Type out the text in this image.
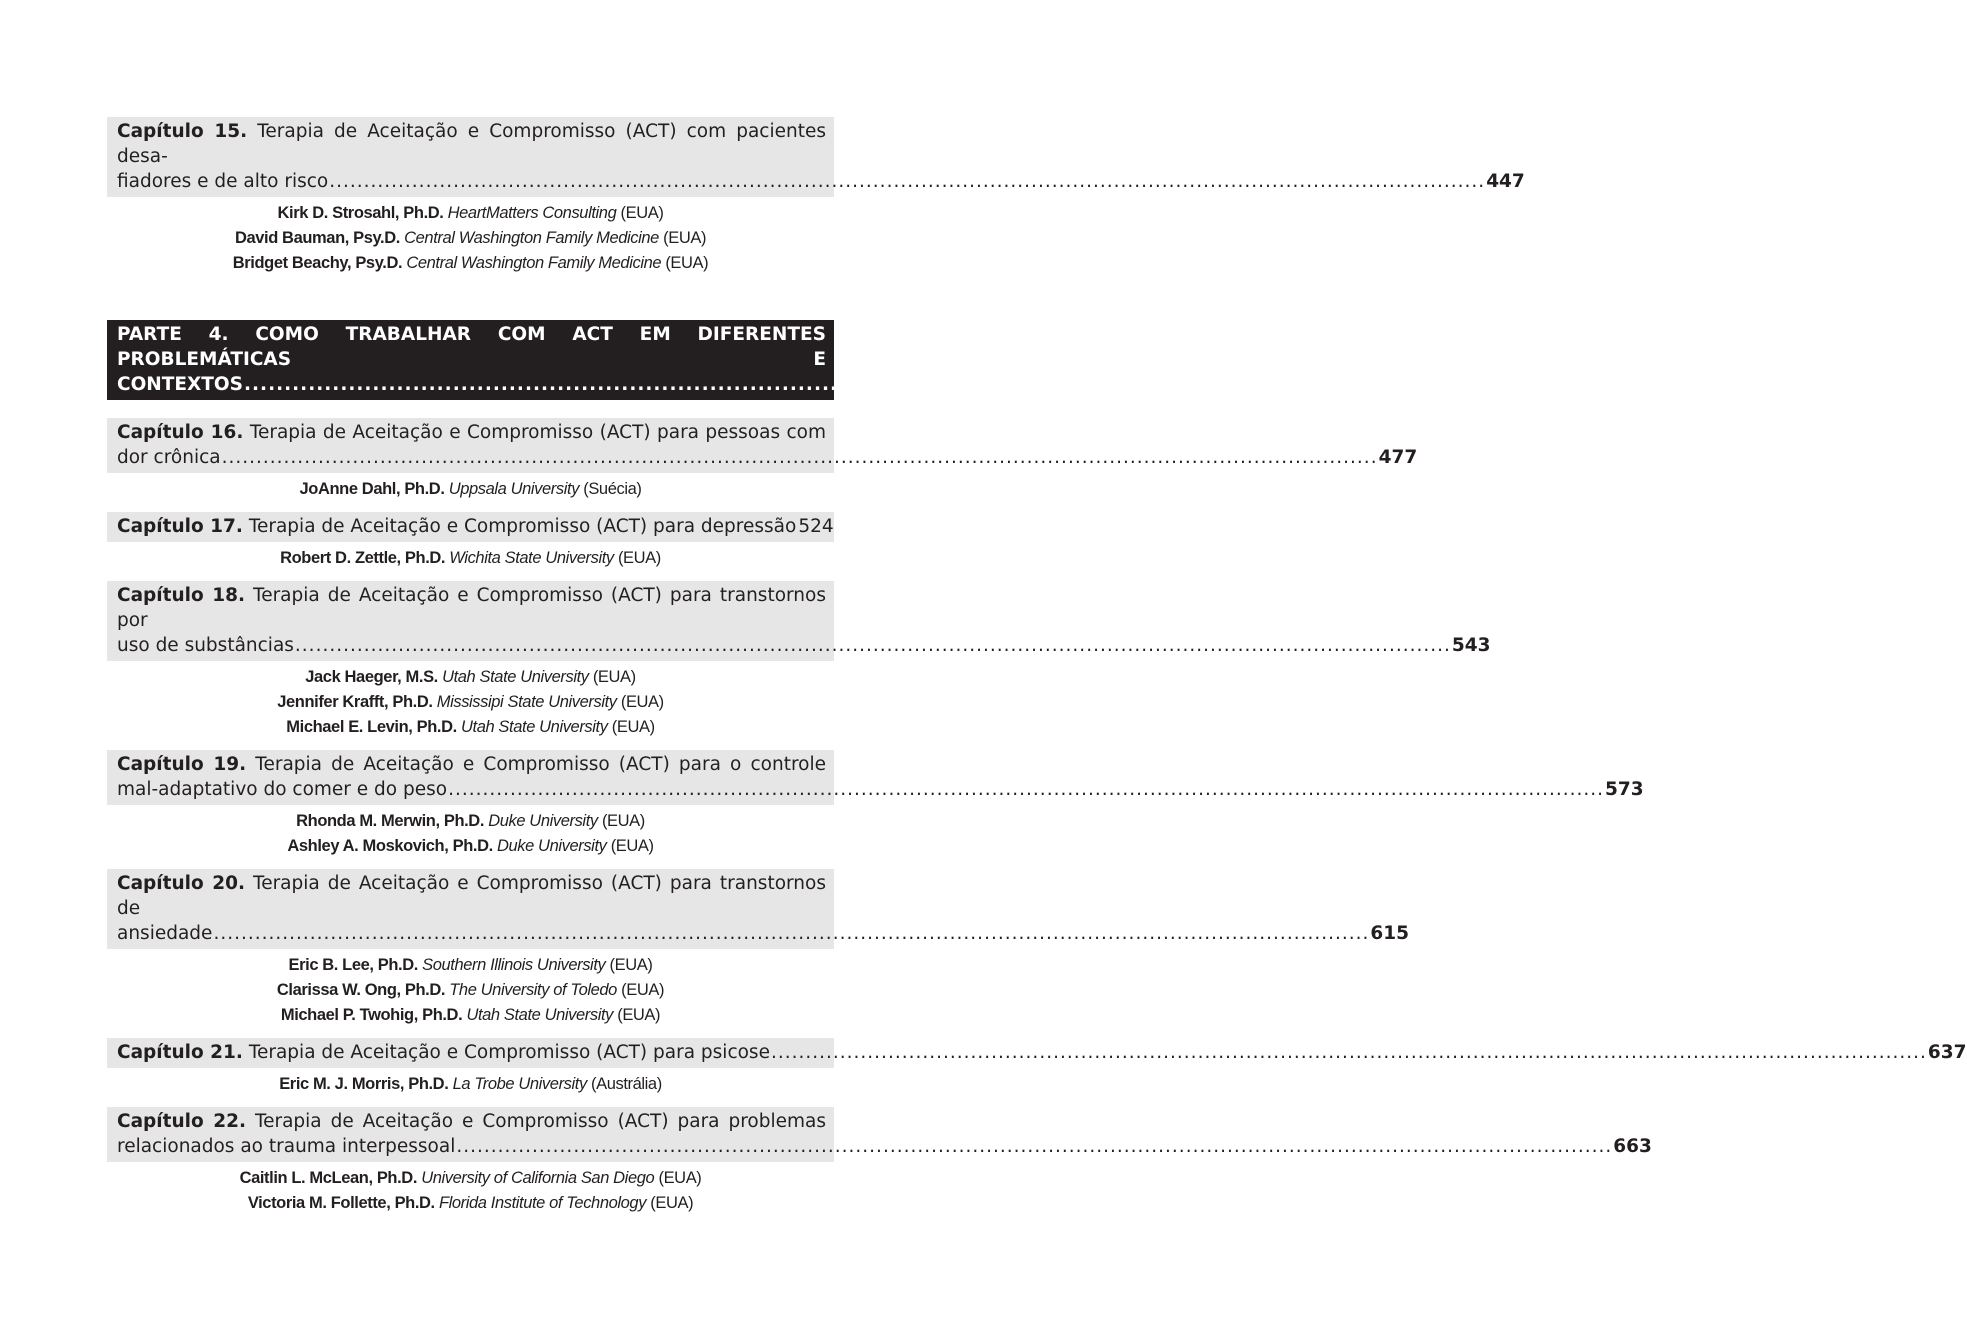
Capítulo 15. Terapia de Aceitação e Compromisso (ACT) com pacientes desa-
fiadores e de alto risco ........................................................................................................................................................................ 447
Kirk D. Strosahl, Ph.D. HeartMatters Consulting (EUA)
David Bauman, Psy.D. Central Washington Family Medicine (EUA)
Bridget Beachy, Psy.D. Central Washington Family Medicine (EUA)
PARTE 4. COMO TRABALHAR COM ACT EM DIFERENTES PROBLEMÁTICAS E
CONTEXTOS ........................................................................................................................................................................ 475
Capítulo 16. Terapia de Aceitação e Compromisso (ACT) para pessoas com
dor crônica ........................................................................................................................................................................ 477
JoAnne Dahl, Ph.D. Uppsala University (Suécia)
Capítulo 17. Terapia de Aceitação e Compromisso (ACT) para depressão 524
Robert D. Zettle, Ph.D. Wichita State University (EUA)
Capítulo 18. Terapia de Aceitação e Compromisso (ACT) para transtornos por
uso de substâncias ........................................................................................................................................................................ 543
Jack Haeger, M.S. Utah State University (EUA)
Jennifer Krafft, Ph.D. Mississipi State University (EUA)
Michael E. Levin, Ph.D. Utah State University (EUA)
Capítulo 19. Terapia de Aceitação e Compromisso (ACT) para o controle
mal-adaptativo do comer e do peso ........................................................................................................................................................................ 573
Rhonda M. Merwin, Ph.D. Duke University (EUA)
Ashley A. Moskovich, Ph.D. Duke University (EUA)
Capítulo 20. Terapia de Aceitação e Compromisso (ACT) para transtornos de
ansiedade ........................................................................................................................................................................ 615
Eric B. Lee, Ph.D. Southern Illinois University (EUA)
Clarissa W. Ong, Ph.D. The University of Toledo (EUA)
Michael P. Twohig, Ph.D. Utah State University (EUA)
Capítulo 21. Terapia de Aceitação e Compromisso (ACT) para psicose ........................................................................................................................................................................ 637
Eric M. J. Morris, Ph.D. La Trobe University (Austrália)
Capítulo 22. Terapia de Aceitação e Compromisso (ACT) para problemas
relacionados ao trauma interpessoal ........................................................................................................................................................................ 663
Caitlin L. McLean, Ph.D. University of California San Diego (EUA)
Victoria M. Follette, Ph.D. Florida Institute of Technology (EUA)
